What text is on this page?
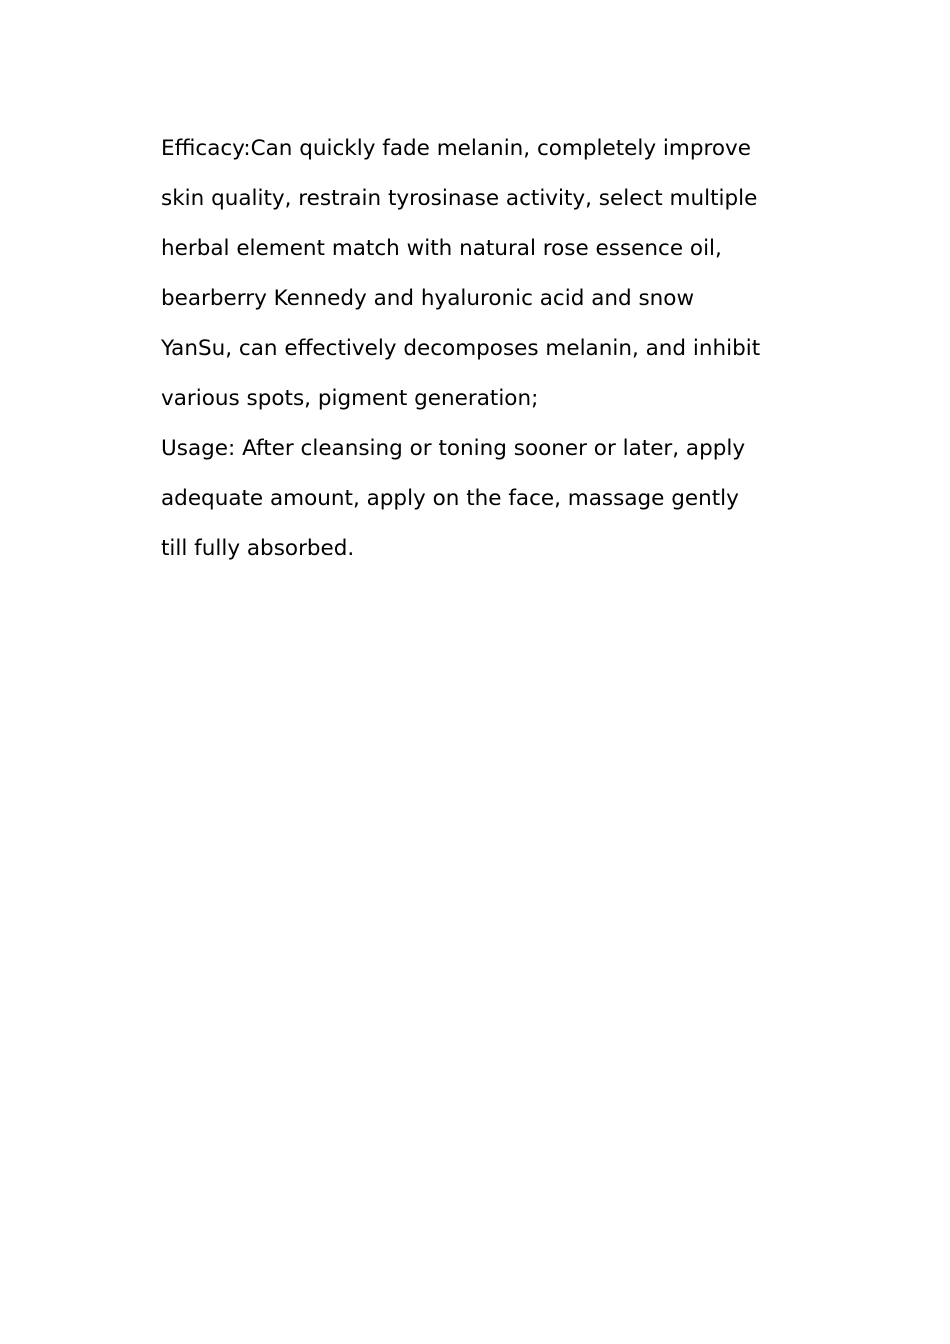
Efficacy:Can quickly fade melanin, completely improve
skin quality, restrain tyrosinase activity, select multiple
herbal element match with natural rose essence oil,
bearberry Kennedy and hyaluronic acid and snow
YanSu, can effectively decomposes melanin, and inhibit
various spots, pigment generation;
Usage: After cleansing or toning sooner or later, apply
adequate amount, apply on the face, massage gently
till fully absorbed.
